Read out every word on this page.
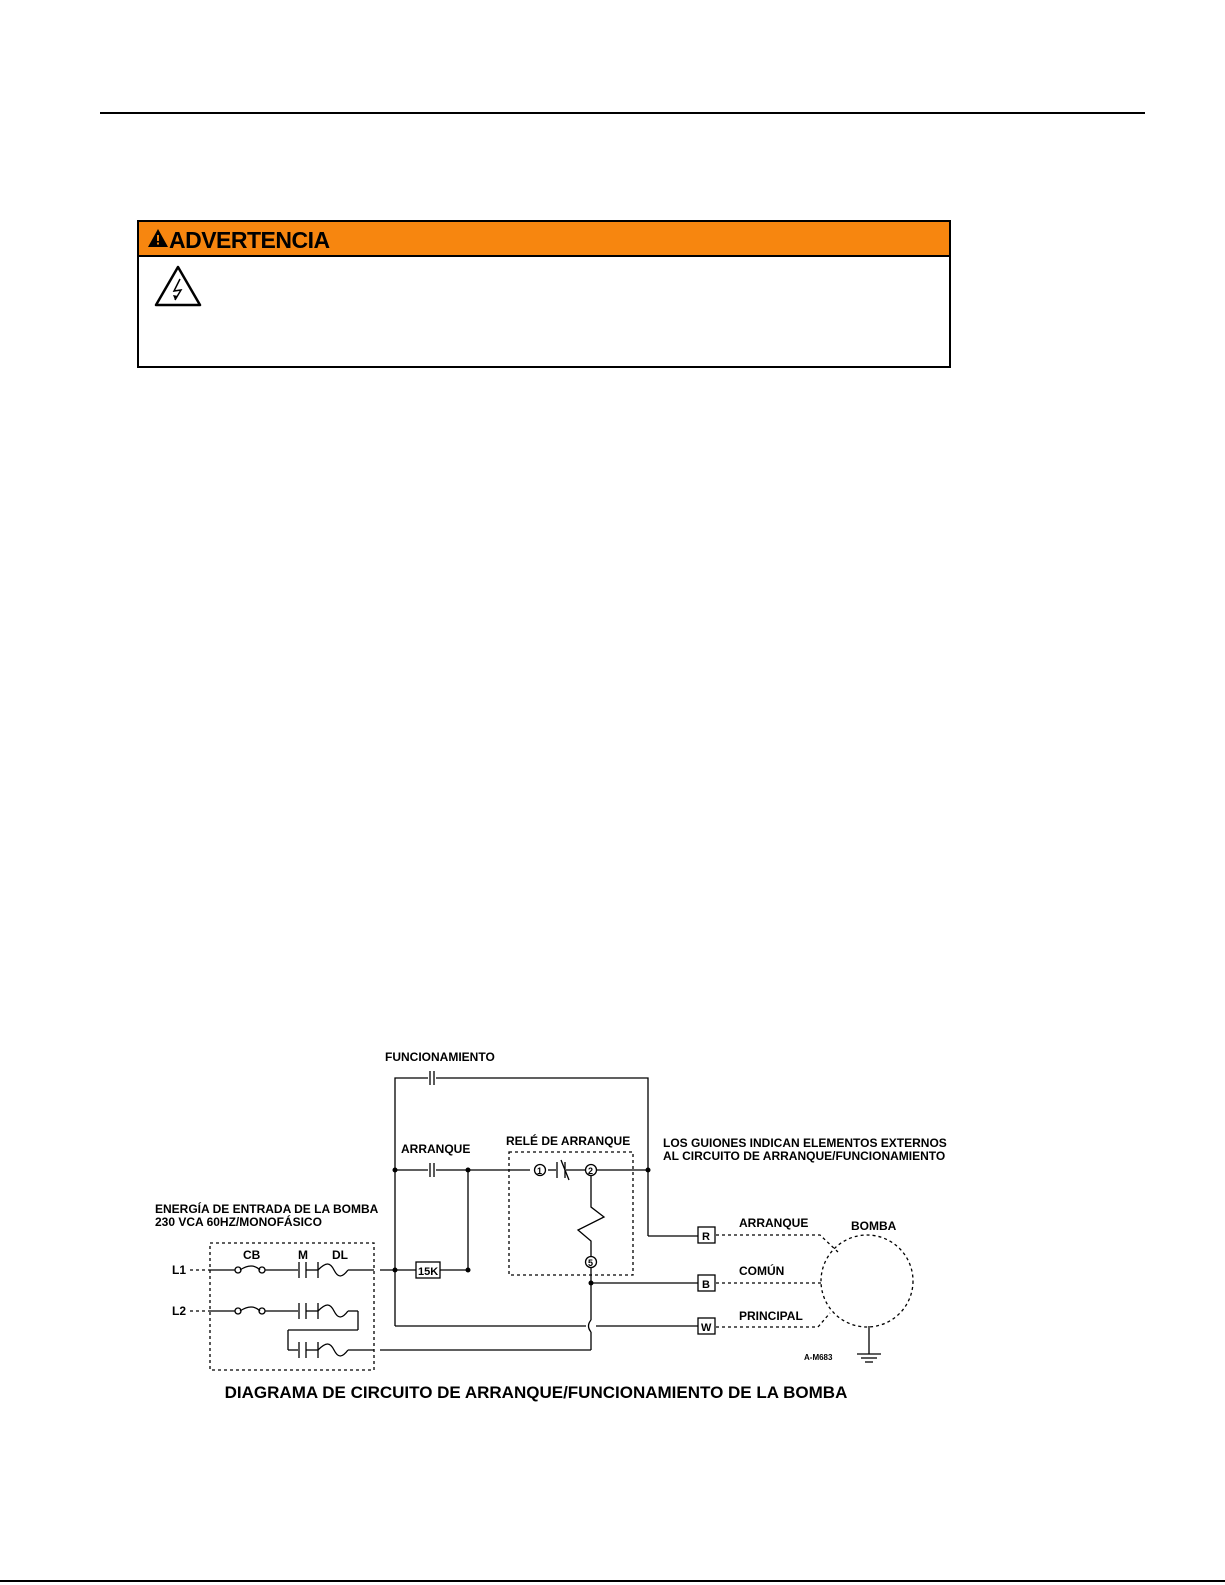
ADVERTENCIA
FUNCIONAMIENTO
ARRANQUE
RELÉ DE ARRANQUE	LOS GUIONES INDICAN ELEMENTOS EXTERNOS
AL CIRCUITO DE ARRANQUE/FUNCIONAMIENTO
ENERGÍA DE ENTRADA DE LA BOMBA
230 VCA 60HZ/MONOFÁSICO
CB	M DL
L1
L2
15K
1	2
5
R
B
W
ARRANQUE
COMÚN
PRINCIPAL
BOMBA
A-M683
DIAGRAMA DE CIRCUITO DE ARRANQUE/FUNCIONAMIENTO DE LA BOMBA
